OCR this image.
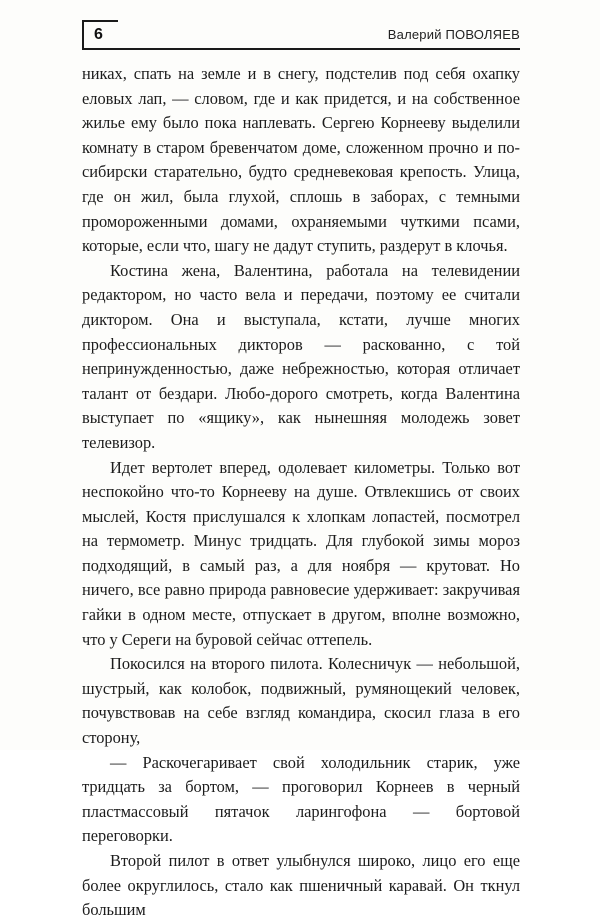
6	Валерий ПОВОЛЯЕВ

никах, спать на земле и в снегу, подстелив под себя охапку еловых лап, — словом, где и как придется, и на собственное жилье ему было пока наплевать. Сергею Корнееву выделили комнату в старом бревенчатом доме, сложенном прочно и по-сибирски старательно, будто средневековая крепость. Улица, где он жил, была глухой, сплошь в заборах, с темными промороженными домами, охраняемыми чуткими псами, которые, если что, шагу не дадут ступить, раздерут в клочья.

Костина жена, Валентина, работала на телевидении редактором, но часто вела и передачи, поэтому ее считали диктором. Она и выступала, кстати, лучше многих профессиональных дикторов — раскованно, с той непринужденностью, даже небрежностью, которая отличает талант от бездари. Любо-дорого смотреть, когда Валентина выступает по «ящику», как нынешняя молодежь зовет телевизор.

Идет вертолет вперед, одолевает километры. Только вот неспокойно что-то Корнееву на душе. Отвлекшись от своих мыслей, Костя прислушался к хлопкам лопастей, посмотрел на термометр. Минус тридцать. Для глубокой зимы мороз подходящий, в самый раз, а для ноября — крутоват. Но ничего, все равно природа равновесие удерживает: закручивая гайки в одном месте, отпускает в другом, вполне возможно, что у Сереги на буровой сейчас оттепель.

Покосился на второго пилота. Колесничук — небольшой, шустрый, как колобок, подвижный, румянощекий человек, почувствовав на себе взгляд командира, скосил глаза в его сторону,

— Раскочегаривает свой холодильник старик, уже тридцать за бортом, — проговорил Корнеев в черный пластмассовый пятачок ларингофона — бортовой переговорки.

Второй пилот в ответ улыбнулся широко, лицо его еще более округлилось, стало как пшеничный каравай. Он ткнул большим
